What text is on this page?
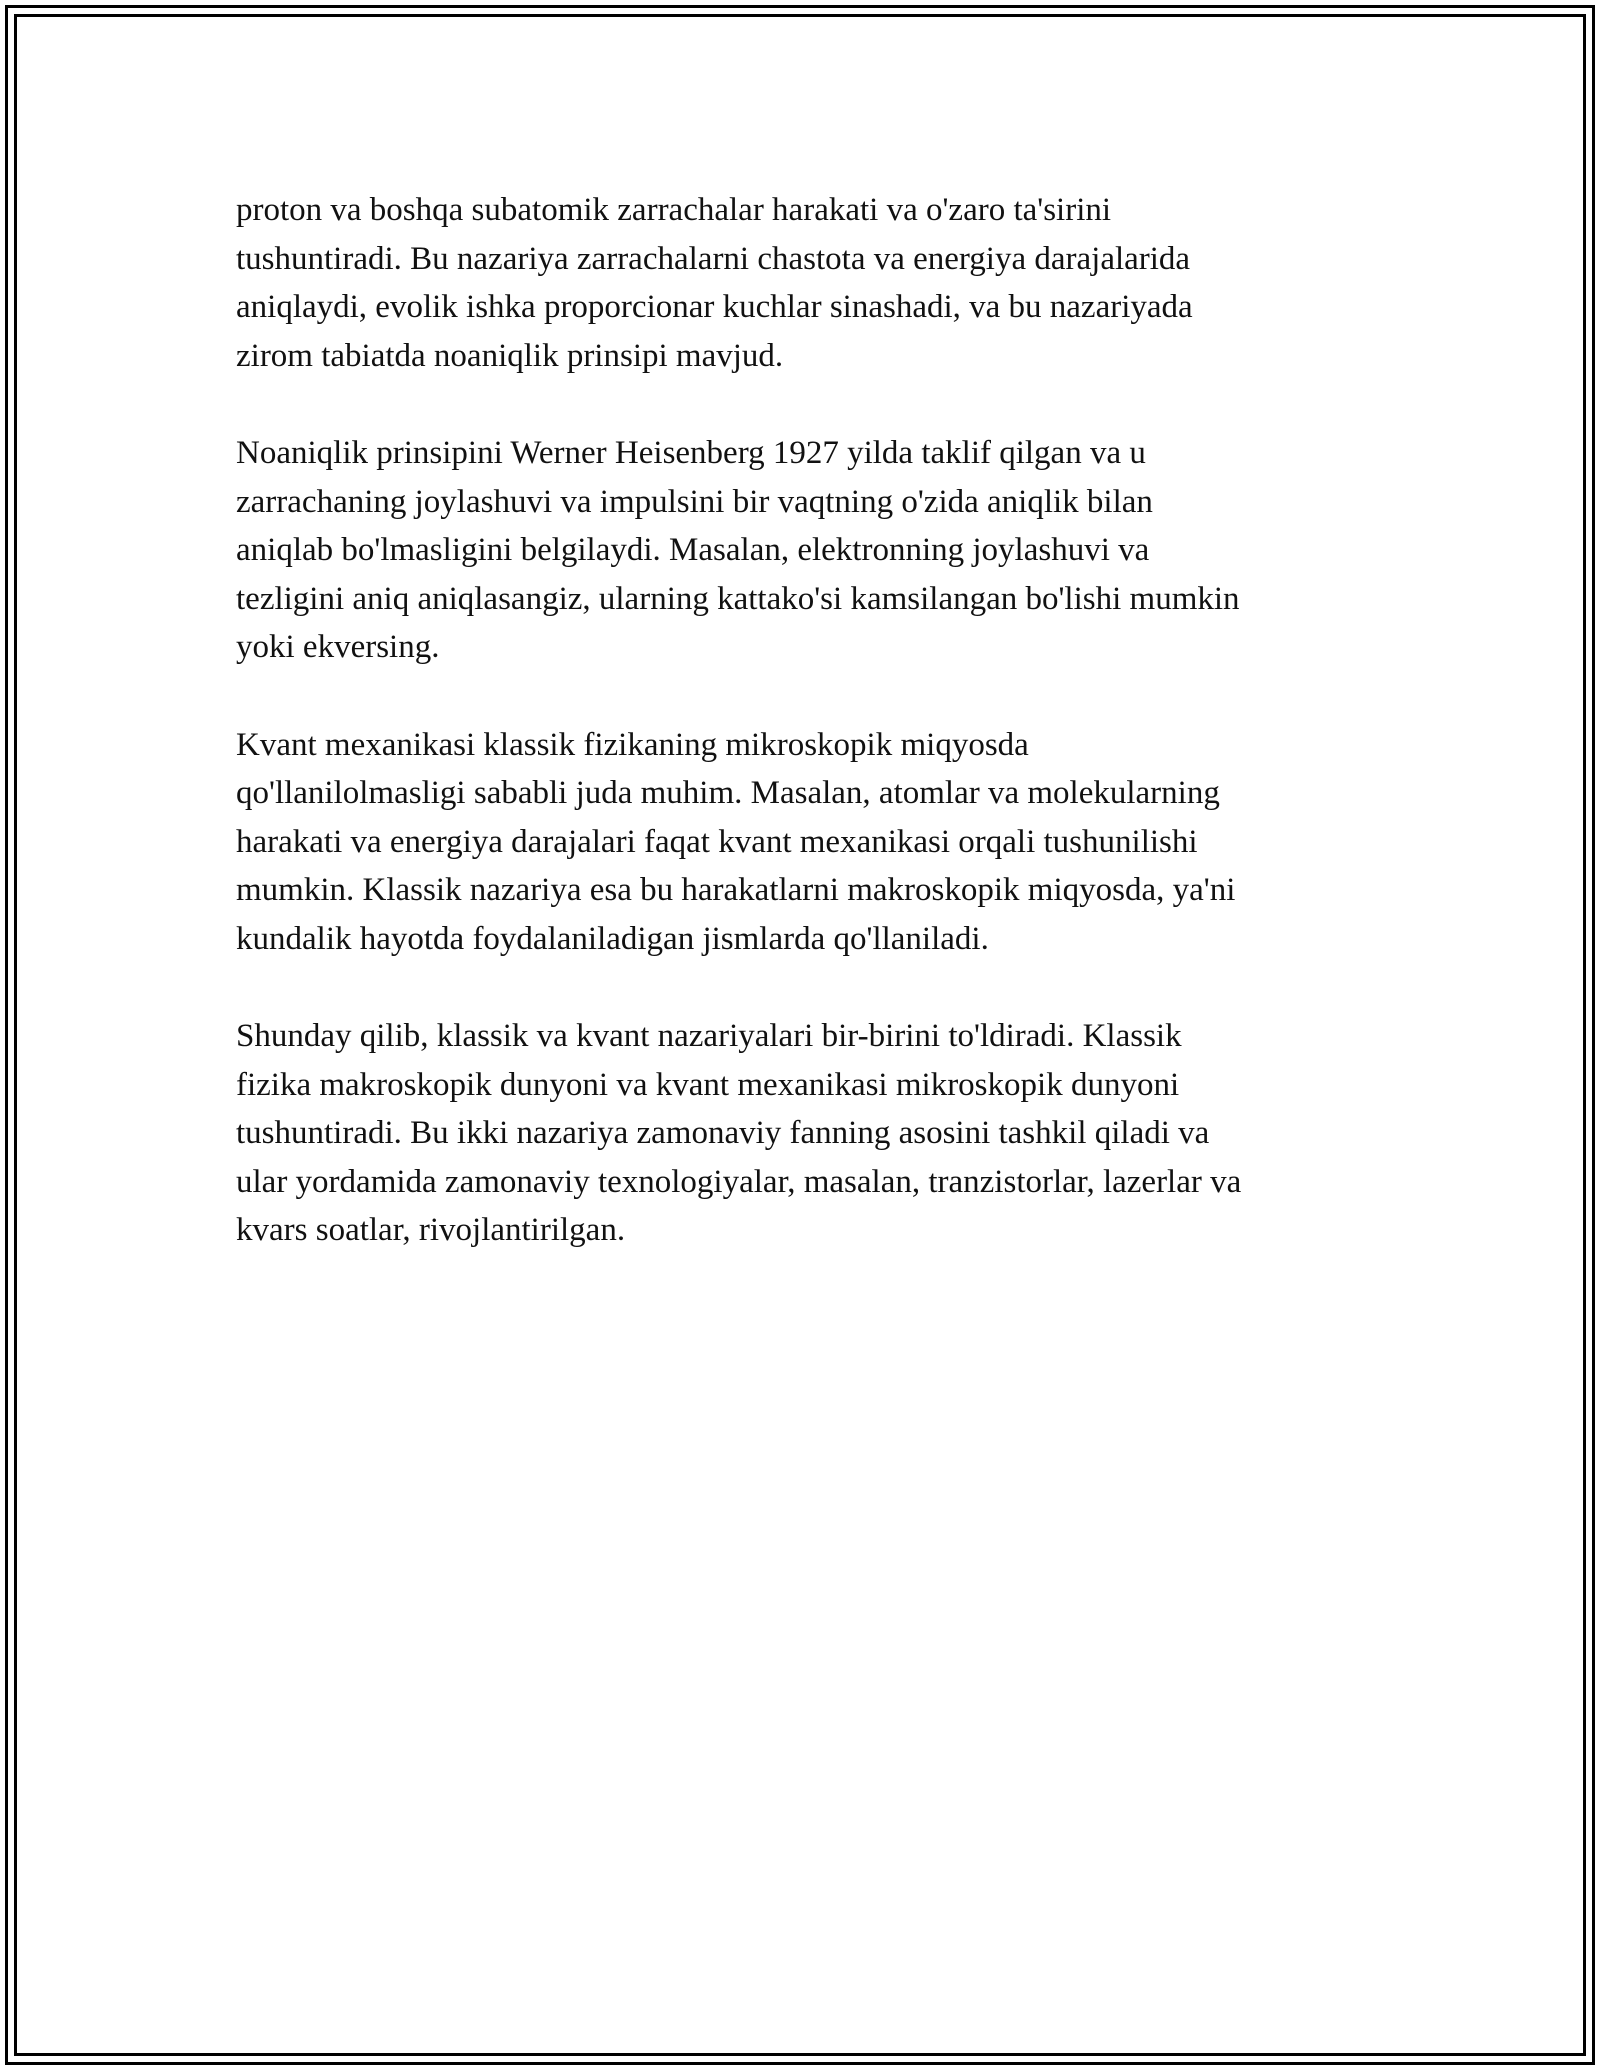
proton va boshqa subatomik zarrachalar harakati va o'zaro ta'sirini
tushuntiradi. Bu nazariya zarrachalarni chastota va energiya darajalarida
aniqlaydi, evolik ishka proporcionar kuchlar sinashadi, va bu nazariyada
zirom tabiatda noaniqlik prinsipi mavjud.

Noaniqlik prinsipini Werner Heisenberg 1927 yilda taklif qilgan va u
zarrachaning joylashuvi va impulsini bir vaqtning o'zida aniqlik bilan
aniqlab bo'lmasligini belgilaydi. Masalan, elektronning joylashuvi va
tezligini aniq aniqlasangiz, ularning kattako'si kamsilangan bo'lishi mumkin
yoki ekversing.

Kvant mexanikasi klassik fizikaning mikroskopik miqyosda
qo'llanilolmasligi sababli juda muhim. Masalan, atomlar va molekularning
harakati va energiya darajalari faqat kvant mexanikasi orqali tushunilishi
mumkin. Klassik nazariya esa bu harakatlarni makroskopik miqyosda, ya'ni
kundalik hayotda foydalaniladigan jismlarda qo'llaniladi.

Shunday qilib, klassik va kvant nazariyalari bir-birini to'ldiradi. Klassik
fizika makroskopik dunyoni va kvant mexanikasi mikroskopik dunyoni
tushuntiradi. Bu ikki nazariya zamonaviy fanning asosini tashkil qiladi va
ular yordamida zamonaviy texnologiyalar, masalan, tranzistorlar, lazerlar va
kvars soatlar, rivojlantirilgan.
